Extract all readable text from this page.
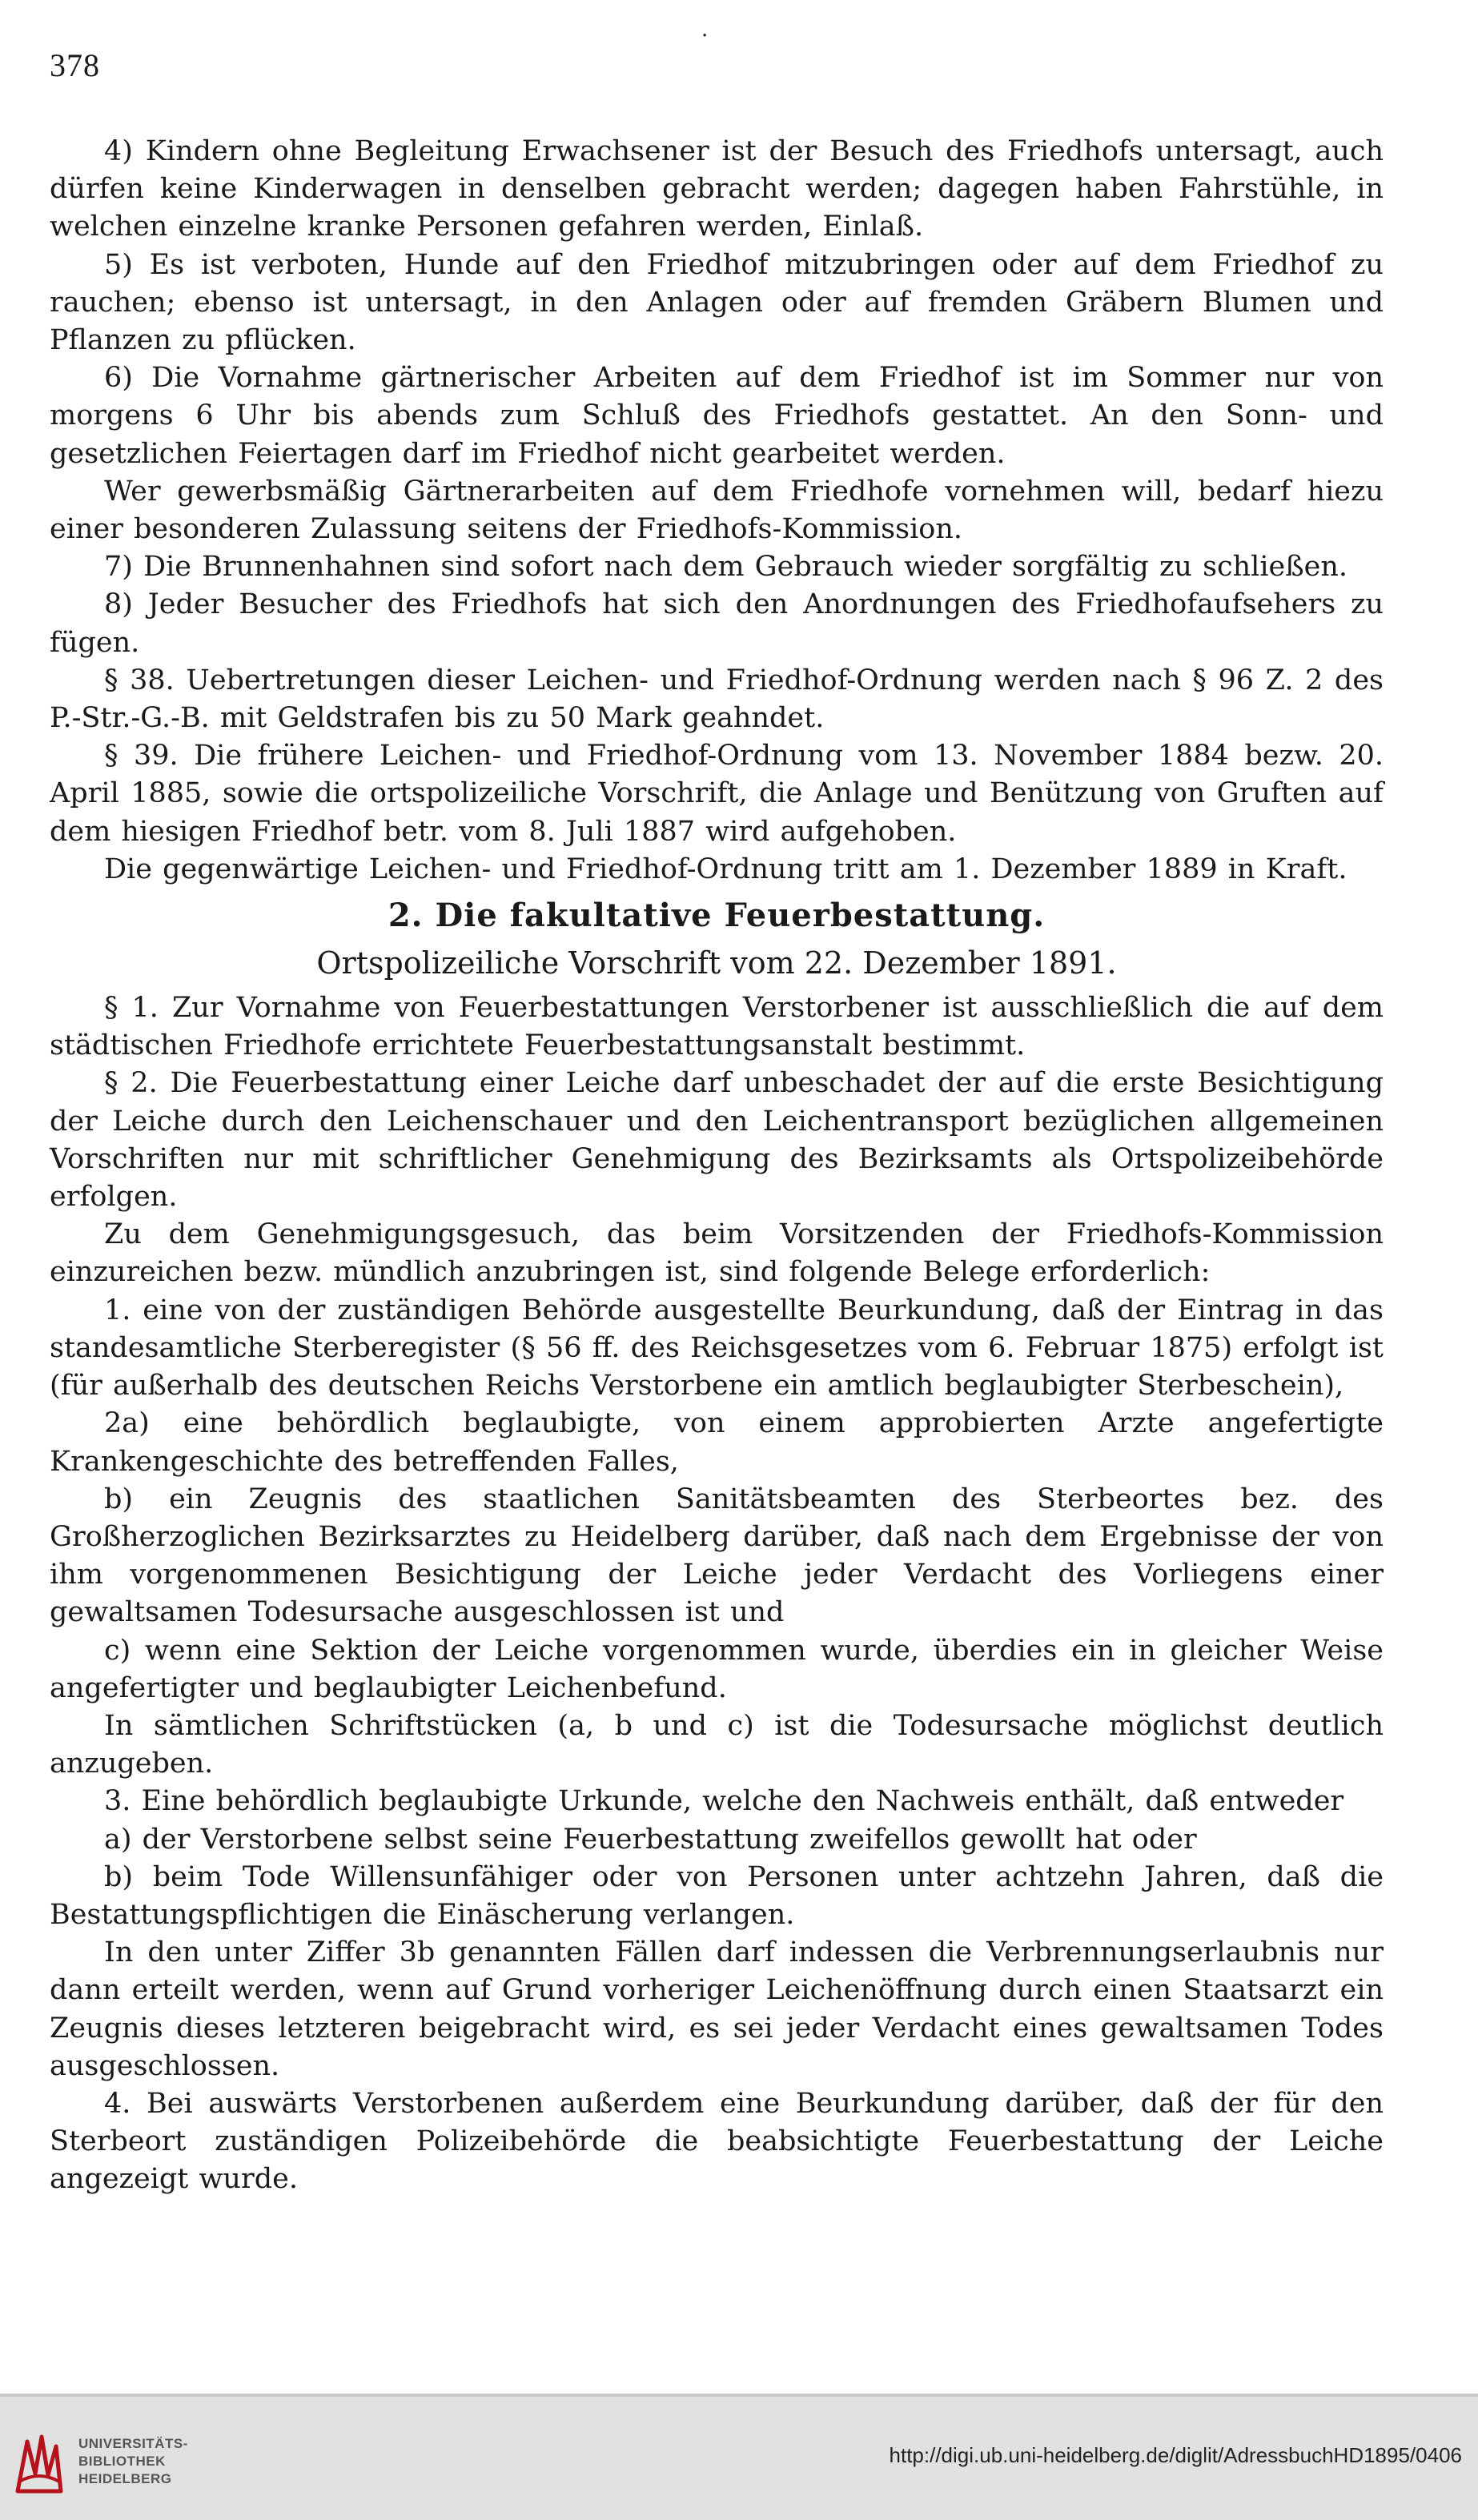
·
378

4) Kindern ohne Begleitung Erwachsener ist der Besuch des Friedhofs untersagt, auch dürfen keine Kinderwagen in denselben gebracht werden; dagegen haben Fahrstühle, in welchen einzelne kranke Personen gefahren werden, Einlaß.

5) Es ist verboten, Hunde auf den Friedhof mitzubringen oder auf dem Friedhof zu rauchen; ebenso ist untersagt, in den Anlagen oder auf fremden Gräbern Blumen und Pflanzen zu pflücken.

6) Die Vornahme gärtnerischer Arbeiten auf dem Friedhof ist im Sommer nur von morgens 6 Uhr bis abends zum Schluß des Friedhofs gestattet. An den Sonn- und gesetzlichen Feiertagen darf im Friedhof nicht gearbeitet werden.

Wer gewerbsmäßig Gärtnerarbeiten auf dem Friedhofe vornehmen will, bedarf hiezu einer besonderen Zulassung seitens der Friedhofs-Kommission.

7) Die Brunnenhahnen sind sofort nach dem Gebrauch wieder sorgfältig zu schließen.

8) Jeder Besucher des Friedhofs hat sich den Anordnungen des Friedhofaufsehers zu fügen.

§ 38. Uebertretungen dieser Leichen- und Friedhof-Ordnung werden nach § 96 Z. 2 des P.-Str.-G.-B. mit Geldstrafen bis zu 50 Mark geahndet.

§ 39. Die frühere Leichen- und Friedhof-Ordnung vom 13. November 1884 bezw. 20. April 1885, sowie die ortspolizeiliche Vorschrift, die Anlage und Benützung von Gruften auf dem hiesigen Friedhof betr. vom 8. Juli 1887 wird aufgehoben.

Die gegenwärtige Leichen- und Friedhof-Ordnung tritt am 1. Dezember 1889 in Kraft.

2. Die fakultative Feuerbestattung.
Ortspolizeiliche Vorschrift vom 22. Dezember 1891.

§ 1. Zur Vornahme von Feuerbestattungen Verstorbener ist ausschließlich die auf dem städtischen Friedhofe errichtete Feuerbestattungsanstalt bestimmt.

§ 2. Die Feuerbestattung einer Leiche darf unbeschadet der auf die erste Besichtigung der Leiche durch den Leichenschauer und den Leichentransport bezüglichen allgemeinen Vorschriften nur mit schriftlicher Genehmigung des Bezirksamts als Ortspolizeibehörde erfolgen.

Zu dem Genehmigungsgesuch, das beim Vorsitzenden der Friedhofs-Kommission einzureichen bezw. mündlich anzubringen ist, sind folgende Belege erforderlich:

1. eine von der zuständigen Behörde ausgestellte Beurkundung, daß der Eintrag in das standesamtliche Sterberegister (§ 56 ff. des Reichsgesetzes vom 6. Februar 1875) erfolgt ist (für außerhalb des deutschen Reichs Verstorbene ein amtlich beglaubigter Sterbeschein),

2a) eine behördlich beglaubigte, von einem approbierten Arzte angefertigte Krankengeschichte des betreffenden Falles,

b) ein Zeugnis des staatlichen Sanitätsbeamten des Sterbeortes bez. des Großherzoglichen Bezirksarztes zu Heidelberg darüber, daß nach dem Ergebnisse der von ihm vorgenommenen Besichtigung der Leiche jeder Verdacht des Vorliegens einer gewaltsamen Todesursache ausgeschlossen ist und

c) wenn eine Sektion der Leiche vorgenommen wurde, überdies ein in gleicher Weise angefertigter und beglaubigter Leichenbefund.

In sämtlichen Schriftstücken (a, b und c) ist die Todesursache möglichst deutlich anzugeben.

3. Eine behördlich beglaubigte Urkunde, welche den Nachweis enthält, daß entweder

a) der Verstorbene selbst seine Feuerbestattung zweifellos gewollt hat oder

b) beim Tode Willensunfähiger oder von Personen unter achtzehn Jahren, daß die Bestattungspflichtigen die Einäscherung verlangen.

In den unter Ziffer 3b genannten Fällen darf indessen die Verbrennungserlaubnis nur dann erteilt werden, wenn auf Grund vorheriger Leichenöffnung durch einen Staatsarzt ein Zeugnis dieses letzteren beigebracht wird, es sei jeder Verdacht eines gewaltsamen Todes ausgeschlossen.

4. Bei auswärts Verstorbenen außerdem eine Beurkundung darüber, daß der für den Sterbeort zuständigen Polizeibehörde die beabsichtigte Feuerbestattung der Leiche angezeigt wurde.

UNIVERSITÄTS-
BIBLIOTHEK
HEIDELBERG
http://digi.ub.uni-heidelberg.de/diglit/AdressbuchHD1895/0406
